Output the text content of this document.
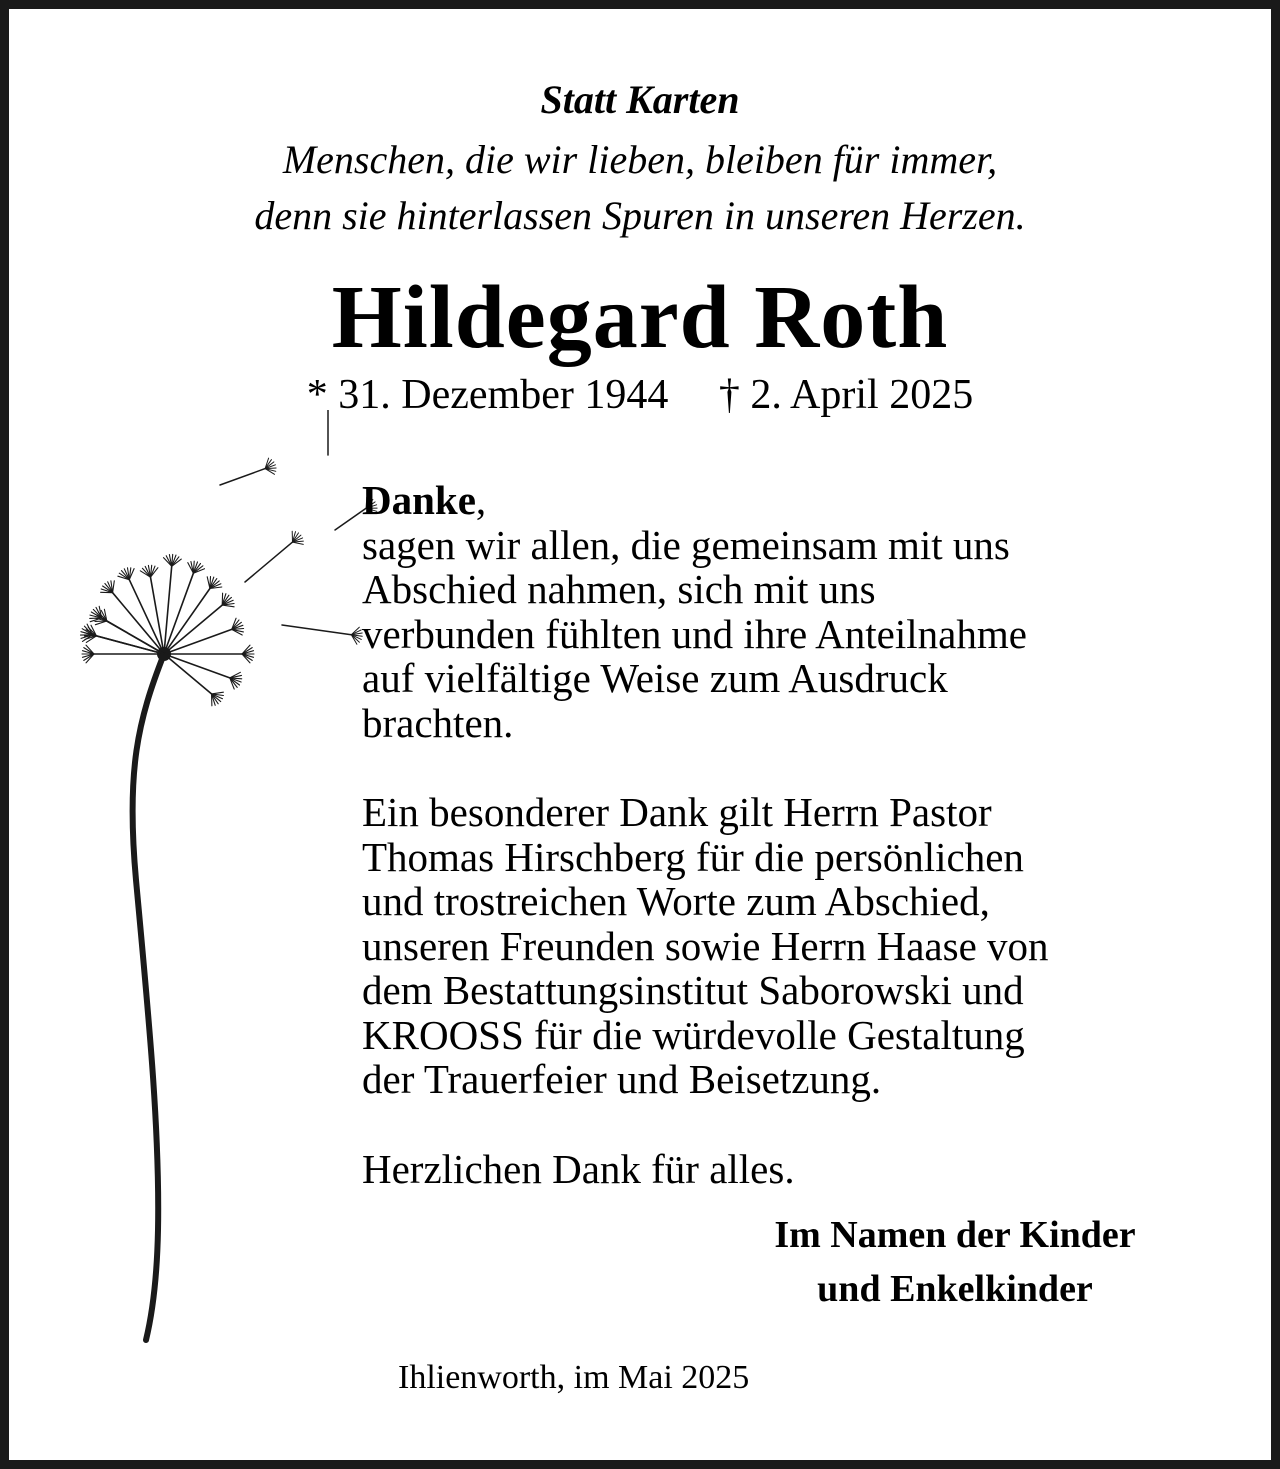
Statt Karten
Menschen, die wir lieben, bleiben für immer,
denn sie hinterlassen Spuren in unseren Herzen.
Hildegard Roth
* 31. Dezember 1944 † 2. April 2025
Danke,
sagen wir allen, die gemeinsam mit uns
Abschied nahmen, sich mit uns
verbunden fühlten und ihre Anteilnahme
auf vielfältige Weise zum Ausdruck
brachten.
Ein besonderer Dank gilt Herrn Pastor
Thomas Hirschberg für die persönlichen
und trostreichen Worte zum Abschied,
unseren Freunden sowie Herrn Haase von
dem Bestattungsinstitut Saborowski und
KROOSS für die würdevolle Gestaltung
der Trauerfeier und Beisetzung.
Herzlichen Dank für alles.
Im Namen der Kinder
und Enkelkinder
Ihlienworth, im Mai 2025
